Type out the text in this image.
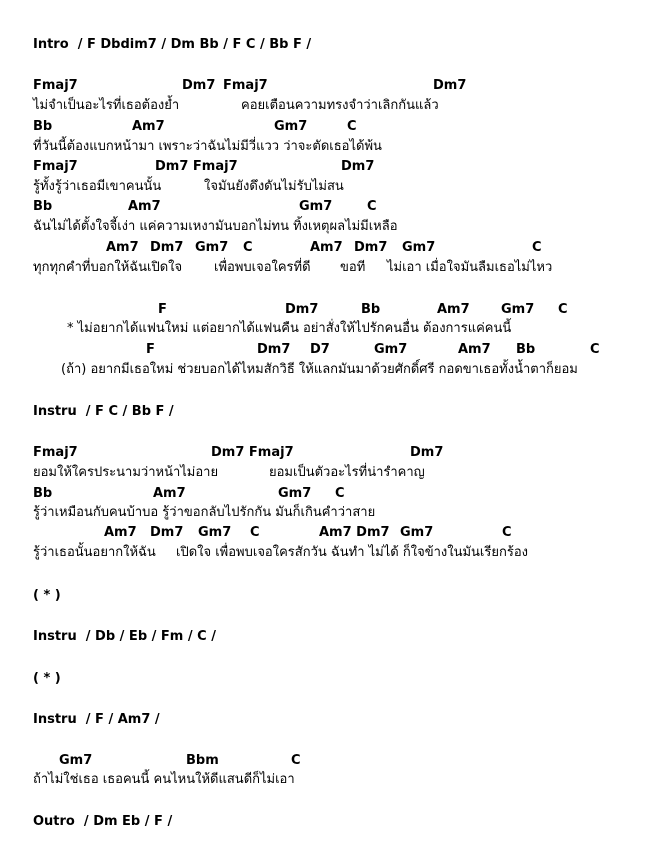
Intro  / F Dbdim7 / Dm Bb / F C / Bb F /
Fmaj7	Dm7 Fmaj7	Dm7
ไม่จำเป็นอะไรที่เธอต้องย้ำ	คอยเตือนความทรงจำว่าเลิกกันแล้ว
Bb	Am7	Gm7	C
ที่วันนี้ต้องแบกหน้ามา เพราะว่าฉันไม่มีวี่แวว ว่าจะตัดเธอได้พ้น
Fmaj7	Dm7 Fmaj7	Dm7
รู้ทั้งรู้ว่าเธอมีเขาคนนั้น	ใจมันยังดึงดันไม่รับไม่สน
Bb	Am7	Gm7	C
ฉันไม่ได้ตั้งใจจี้เง่า แค่ความเหงามันบอกไม่ทน ทิ้งเหตุผลไม่มีเหลือ
Am7 Dm7 Gm7 C	Am7 Dm7 Gm7	C
ทุกทุกคำที่บอกให้ฉันเปิดใจ เพื่อพบเจอใครที่ดี ขอที ไม่เอา เมื่อใจมันลืมเธอไม่ไหว
F	Dm7	Bb	Am7 Gm7 C
* ไม่อยากได้แฟนใหม่ แต่อยากได้แฟนคืน อย่าสั่งให้ไปรักคนอื่น ต้องการแค่คนนี้
F	Dm7 D7	Gm7	Am7 Bb	C
(ถ้า) อยากมีเธอใหม่ ช่วยบอกได้ไหมสักวิธี ให้แลกมันมาด้วยศักดิ์ศรี กอดขาเธอทั้งน้ำตาก็ยอม
Instru  / F C / Bb F /
Fmaj7	Dm7 Fmaj7	Dm7
ยอมให้ใครประนามว่าหน้าไม่อาย	ยอมเป็นตัวอะไรที่น่ารำคาญ
Bb	Am7	Gm7 C
รู้ว่าเหมือนกับคนบ้าบอ รู้ว่าขอกลับไปรักกัน มันก็เกินคำว่าสาย
Am7 Dm7 Gm7 C	Am7 Dm7 Gm7	C
รู้ว่าเธอนั้นอยากให้ฉัน เปิดใจ เพื่อพบเจอใครสักวัน ฉันทำ ไม่ได้ ก็ใจข้างในมันเรียกร้อง
( * )
Instru  / Db / Eb / Fm / C /
( * )
Instru  / F / Am7 /
Gm7	Bbm	C
ถ้าไม่ใช่เธอ เธอคนนี้ คนไหนให้ดีแสนดีก็ไม่เอา
Outro  / Dm Eb / F /
